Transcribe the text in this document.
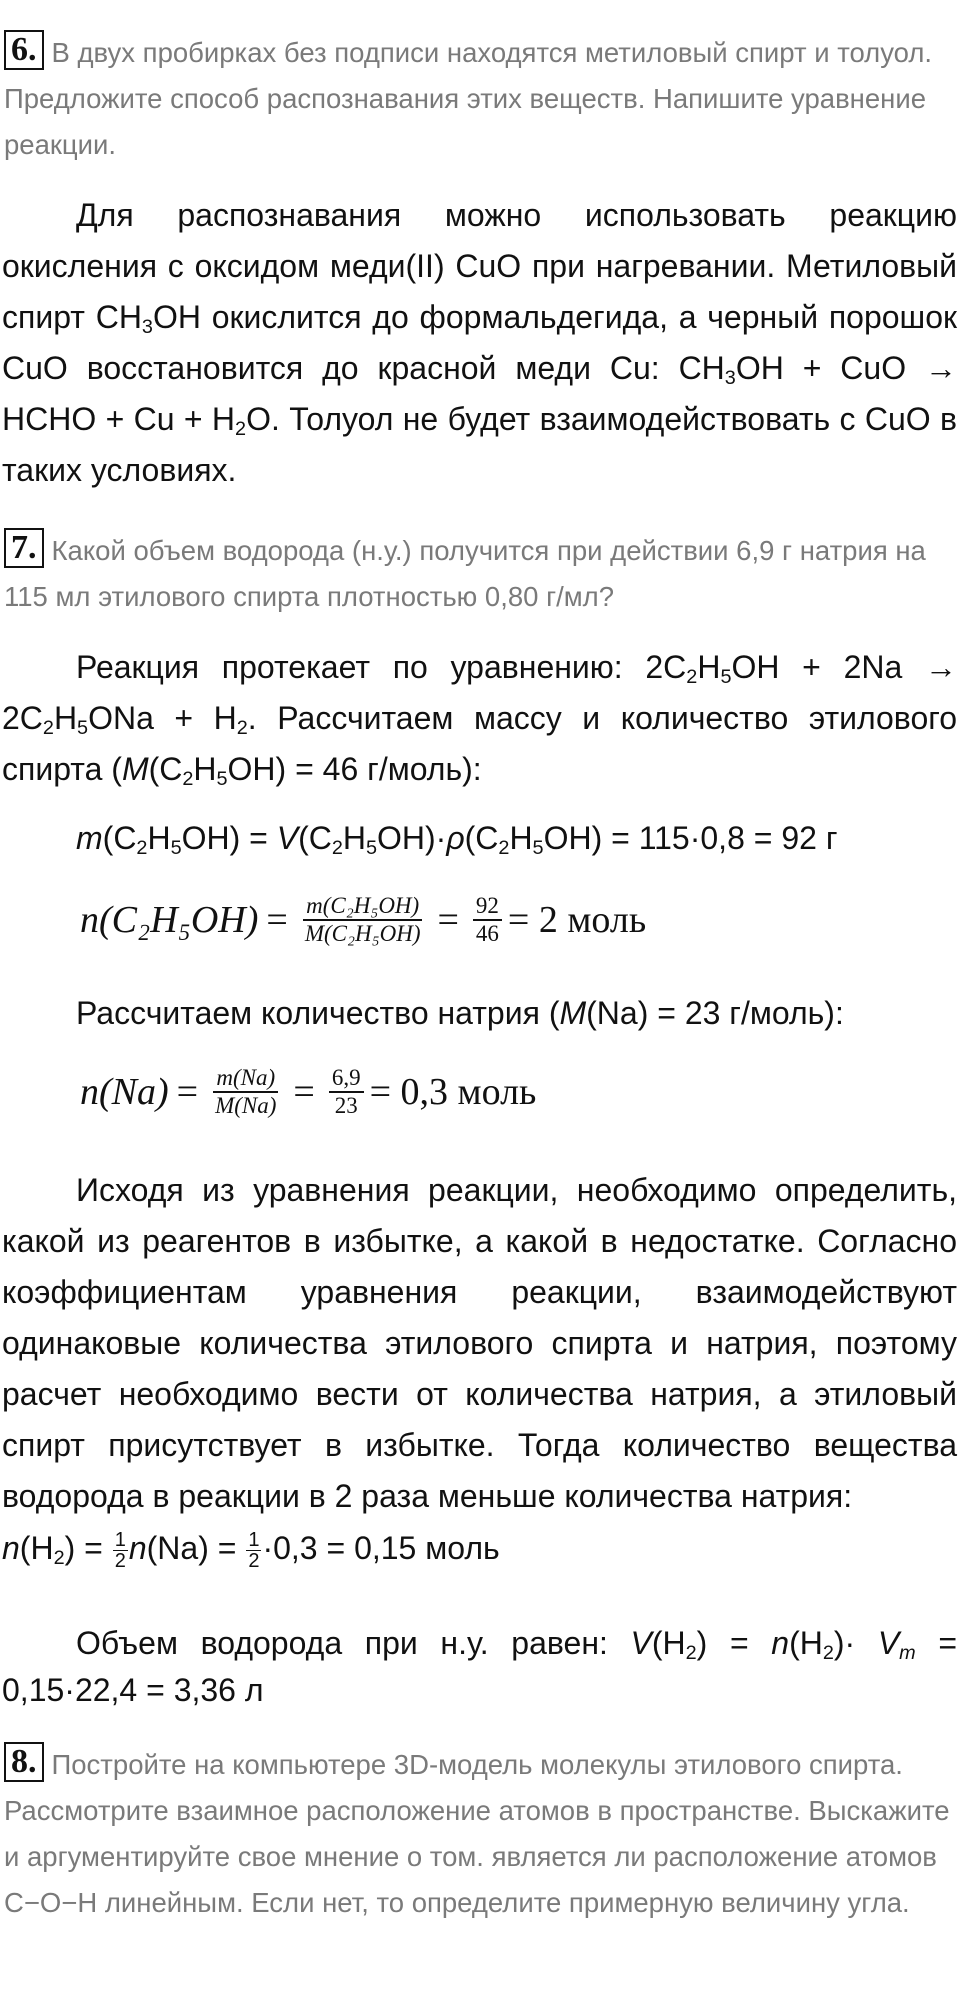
6. В двух пробирках без подписи находятся метиловый спирт и толуол. Предложите способ распознавания этих веществ. Напишите уравнение реакции.
Для распознавания можно использовать реакцию окисления с оксидом меди(II) CuO при нагревании. Метиловый спирт $CH_3OH$ окислится до формальдегида, а черный порошок CuO восстановится до красной меди Cu: $CH_3OH$ + CuO → HCHO + $Cu + H_2O$. Толуол не будет взаимодействовать с CuO в таких условиях.
7. Какой объем водорода (н.у.) получится при действии 6,9 г натрия на 115 мл этилового спирта плотностью 0,80 г/мл?
Реакция протекает по уравнению: $2C_2H_5OH + 2Na \to 2C_2H_5ONa + H_2$. Рассчитаем массу и количество этилового спирта ($M(C_2H_5OH) = 46$ г/моль):
$m(C_2H_5OH) = V(C_2H_5OH)\cdot\rho(C_2H_5OH) = 115\cdot 0,8 = 92$ г
$n(C_2H_5OH) = \frac{\text{m(C₂H₅OH)}}{\text{M(C₂H₅OH)}} = \frac{92}{46} = 2$ моль
Рассчитаем количество натрия (M(Na) = 23 г/моль):
$n(Na) = \frac{m(Na)}{M(Na)} = \frac{6,9}{23} = 0,3$ моль
Исходя из уравнения реакции, необходимо определить, какой из реагентов в избытке, а какой в недостатке. Согласно коэффициентам уравнения реакции, взаимодействуют одинаковые количества этилового спирта и натрия, поэтому расчет необходимо вести от количества натрия, а этиловый спирт присутствует в избытке. Тогда количество вещества водорода в реакции в 2 раза меньше количества натрия:
$n(H_2) = \frac{1}{2} n(Na) = \frac{1}{2} \cdot 0,3 = 0,15$ моль
Объем водорода при н.у. равен: $V(H_2) = n(H_2)\cdot V_m$ =
0,15·22,4 = 3,36 л
8. Постройте на компьютере 3D-модель молекулы этилового спирта. Рассмотрите взаимное расположение атомов в пространстве. Выскажите и аргументируйте свое мнение о том. является ли расположение атомов C−O−H линейным. Если нет, то определите примерную величину угла.
